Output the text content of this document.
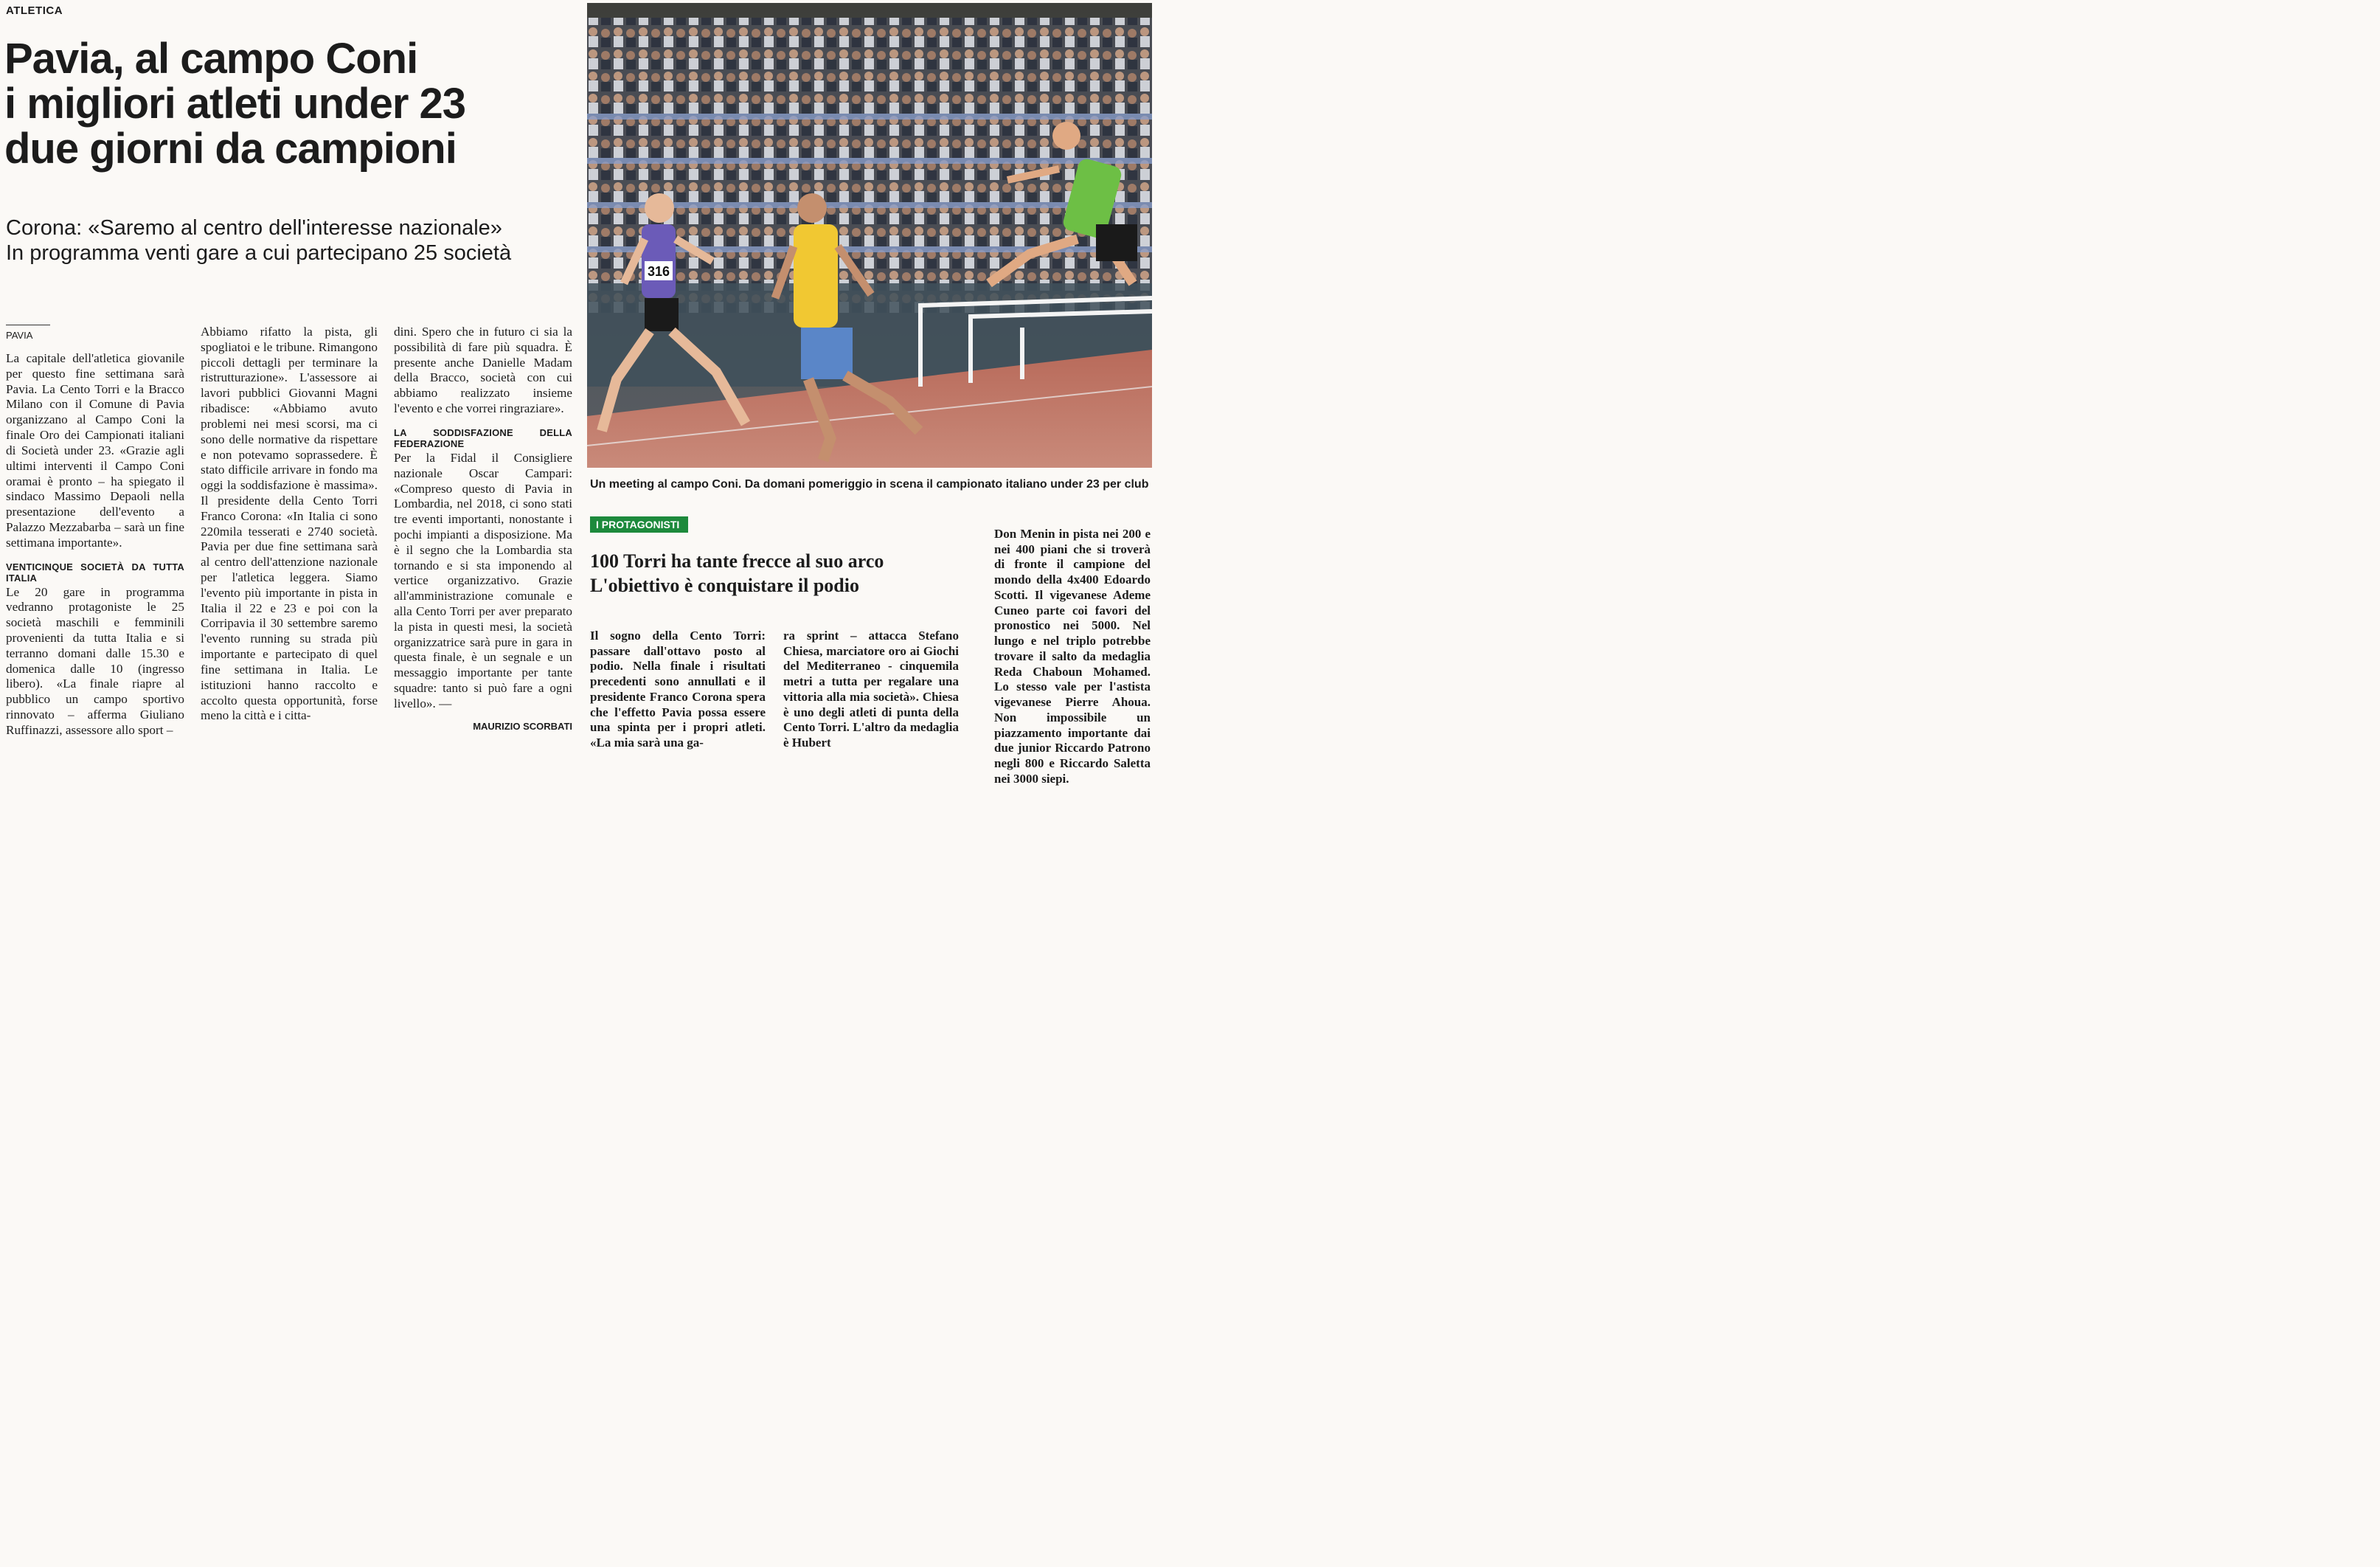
ATLETICA
Pavia, al campo Coni
i migliori atleti under 23
due giorni da campioni
Corona: «Saremo al centro dell'interesse nazionale»
In programma venti gare a cui partecipano 25 società
PAVIA

La capitale dell'atletica giovanile per questo fine settimana sarà Pavia. La Cento Torri e la Bracco Milano con il Comune di Pavia organizzano al Campo Coni la finale Oro dei Campionati italiani di Società under 23. «Grazie agli ultimi interventi il Campo Coni oramai è pronto – ha spiegato il sindaco Massimo Depaoli nella presentazione dell'evento a Palazzo Mezzabarba – sarà un fine settimana importante».

VENTICINQUE SOCIETÀ DA TUTTA ITALIA

Le 20 gare in programma vedranno protagoniste le 25 società maschili e femminili provenienti da tutta Italia e si terranno domani dalle 15.30 e domenica dalle 10 (ingresso libero). «La finale riapre al pubblico un campo sportivo rinnovato – afferma Giuliano Ruffinazzi, assessore allo sport –

Abbiamo rifatto la pista, gli spogliatoi e le tribune. Rimangono piccoli dettagli per terminare la ristrutturazione». L'assessore ai lavori pubblici Giovanni Magni ribadisce: «Abbiamo avuto problemi nei mesi scorsi, ma ci sono delle normative da rispettare e non potevamo soprassedere. È stato difficile arrivare in fondo ma oggi la soddisfazione è massima». Il presidente della Cento Torri Franco Corona: «In Italia ci sono 220mila tesserati e 2740 società. Pavia per due fine settimana sarà al centro dell'attenzione nazionale per l'atletica leggera. Siamo l'evento più importante in pista in Italia il 22 e 23 e poi con la Corripavia il 30 settembre saremo l'evento running su strada più importante e partecipato di quel fine settimana in Italia. Le istituzioni hanno raccolto e accolto questa opportunità, forse meno la città e i citta-

dini. Spero che in futuro ci sia la possibilità di fare più squadra. È presente anche Danielle Madam della Bracco, società con cui abbiamo realizzato insieme l'evento e che vorrei ringraziare».

LA SODDISFAZIONE DELLA FEDERAZIONE

Per la Fidal il Consigliere nazionale Oscar Campari: «Compreso questo di Pavia in Lombardia, nel 2018, ci sono stati tre eventi importanti, nonostante i pochi impianti a disposizione. Ma è il segno che la Lombardia sta tornando e si sta imponendo al vertice organizzativo. Grazie all'amministrazione comunale e alla Cento Torri per aver preparato la pista in questi mesi, la società organizzatrice sarà pure in gara in questa finale, è un segnale e un messaggio importante per tante squadre: tanto si può fare a ogni livello». —

MAURIZIO SCORBATI
316
Un meeting al campo Coni. Da domani pomeriggio in scena il campionato italiano under 23 per club
I PROTAGONISTI
100 Torri ha tante frecce al suo arco
L'obiettivo è conquistare il podio
Il sogno della Cento Torri: passare dall'ottavo posto al podio. Nella finale i risultati precedenti sono annullati e il presidente Franco Corona spera che l'effetto Pavia possa essere una spinta per i propri atleti. «La mia sarà una ga-
ra sprint – attacca Stefano Chiesa, marciatore oro ai Giochi del Mediterraneo - cinquemila metri a tutta per regalare una vittoria alla mia società». Chiesa è uno degli atleti di punta della Cento Torri. L'altro da medaglia è Hubert
Don Menin in pista nei 200 e nei 400 piani che si troverà di fronte il campione del mondo della 4x400 Edoardo Scotti. Il vigevanese Ademe Cuneo parte coi favori del pronostico nei 5000. Nel lungo e nel triplo potrebbe trovare il salto da medaglia Reda Chaboun Mohamed. Lo stesso vale per l'astista vigevanese Pierre Ahoua. Non impossibile un piazzamento importante dai due junior Riccardo Patrono negli 800 e Riccardo Saletta nei 3000 siepi.
